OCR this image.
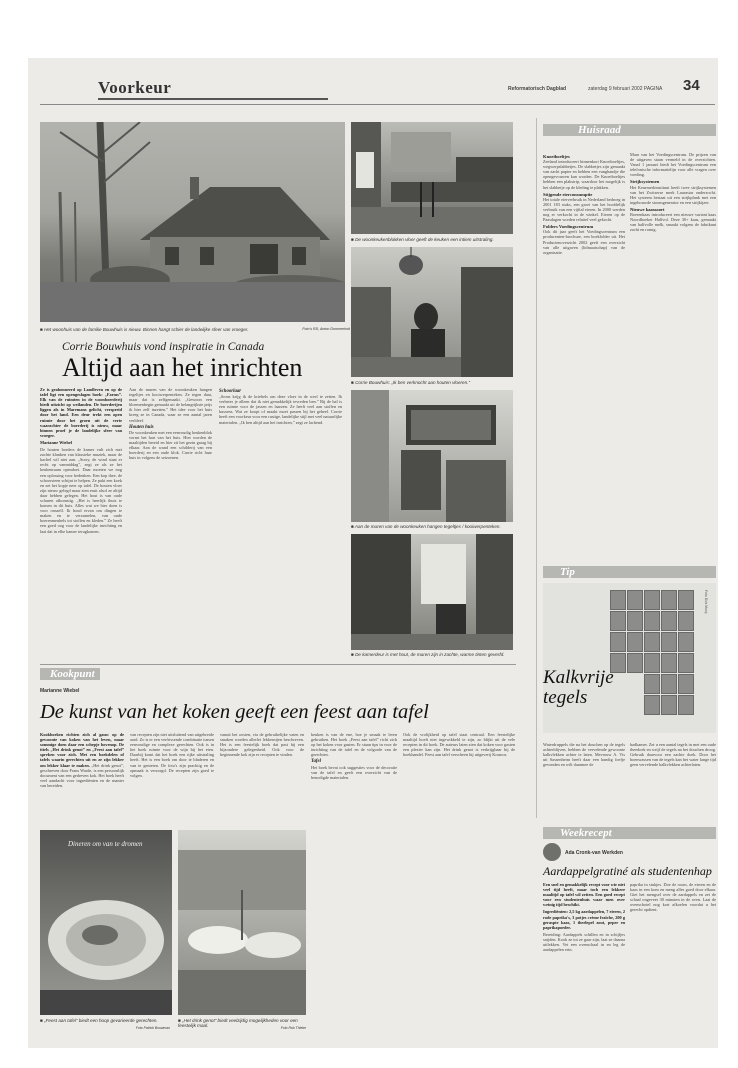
Voorkeur	Reformatorisch Dagblad	zaterdag 9 februari 2002 PAGINA 34
■ Het woonhuis van de familie Bouwhuis is nieuw. Binnen hangt schier de landelijke sfeer van vroeger.	Foto's RD, Anton Dommerholt
Corrie Bouwhuis vond inspiratie in Canada
Altijd aan het inrichten
Ze is geabonneerd op Landleven en op de tafel ligt een opengeslagen boek: „Farms”. Elk van de ruimten in de woonboerderij biedt uitzicht op weilanden. De boerderijen liggen als in Maremans gelicht, verspreid door het land. Een deur trekt een open ruimte door het groen uit de verte waarachter de boerderij is nieuw, maar binnen proef je de landelijke sfeer van vroeger.
Marianne Wiebel
De houten borders de kamer vult zich met zachte klanken van klassieke muziek, maar de kachel wil niet aan. „Sorry, de wind staat er recht op vanmiddag”, zegt ze als ze het keukenraam opendoet. Daar moeten we nog een oplossing voor bedenken. Een kop thee, de schoorsteen schijnt te helpen. Ze pakt een koek en zet het kopje neer op tafel. De houten vloer zijn nieuw gelegd maar zien eruit alsof ze altijd daar hebben gelegen. Het hout is van oude schuren afkomstig. „Het is heerlijk thuis te komen in dit huis. Alles wat we hier doen is voor onszelf. Ik houd ervan om dingen te maken en te verzamelen, van oude boerenmeubels tot stoffen en kleden.” Ze heeft een goed oog voor de landelijke inrichting en laat dat in elke kamer terugkomen.
Aan de muren van de woonkeuken hangen tegeltjes en kooiwerpenteken. Ze tegen daar, maar dat is zelfgemaakt. „Gewoon een bloemenbegin gemaakt uit de belangrijkste prijs ik hier zelf inzetten.” Het idee voor het huis kreeg ze in Canada, waar ze een aantal jaren verbleef.
Houten huis
De woonkeuken met een eenvoudig keukenblok vormt het hart van het huis. Hier worden de maaltijden bereid en hier zit het gezin graag bij elkaar. Aan de wand een schilderij van een boerderij en een oude klok. Carrie richt haar huis in volgens de seizoenen.
Schoorlaar
„Soms krijg ik de kriebels om deze vloer in de werf te zetten. Ik verbeter je alleen dat ik niet gemakkelijk tevreden ben.” Bij de hal is een ruimte voor de jassen en laarzen. Ze heeft veel aan stoffen en kussens. Wat ze koopt of maakt moet passen bij het geheel. Corrie heeft een voorkeur voor een rustige, landelijke stijl met veel natuurlijke materialen. „Ik ben altijd aan het inrichten,” zegt ze lachend.
■ De woonkeukenblokken vloer geeft de keuken een intiem uitstraling.
■ Corrie Bouwhuis: „Ik ben verknocht aan houten vloeren.”
■ Aan de muren van de woonkeuken hangen tegeltjes / kooiwerpenteken.
■ De kamerdeur is met hout, de muren zijn in zachte, warme tinten geverfd.
Huisraad
Knoeiboeltjes
Zeeland introduceert binnenkort Knoeiboeltjes, wegwerpslabbetjes. De slabbetjes zijn gemaakt van zacht papier en hebben een vanghandje die opengevouwen kan worden. De Knoeiboeltjes hebben een plakstrip, waardoor het mogelijk is het slabbetje op de kleding te plakken.
Stijgende eierconsumptie
Het totale eierverbruik in Nederland bedroeg in 2001 183 stuks, een groei van het hoofdelijk verbruik van een vijftal eieren. In 2000 werden nog er verkocht in de winkel. Eieren op de Paasdagen worden relatief veel gekocht.
Folders Voedingscentrum
Ook dit jaar geeft het Voedingscentrum een producenten-brochure, een boekfolder uit. Het Productenoverzicht 2002 geeft een overzicht van alle uitgaven (lidmaatschap) van de organisatie.
Maar van het Voedingscentrum. De prijzen van de uitgaven staan vermeld in de overzichten. Vanaf 1 januari biedt het Voedingscentrum een telefonische informatielijn voor alle vragen over voeding.
Strijksystemen
Het Keurmerkinstituut heeft twee strijksystemen van het Zwitserse merk Laurastar onderzocht. Het systeem bestaat uit een strijkplank met een ingebouwde stoomgenerator en een strijkijzer.
Nieuwe kaassoort
Boerenkaas introduceert een nieuwe variant kaas Noordhoeker Halfvol. Deze 30+ kaas, gemaakt van halfvolle melk, smaakt volgens de fabrikant zacht en romig.
Tip
Foto Dick Mooij
Kalkvrije
tegels
Waterdruppels die na het douchen op de tegels achterblijven, hebben de vervelende gewoonte kalkvlekken achter te laten. Mevrouw A. Vis uit Sassenheim heeft daar een handig foefje gevonden en wilt daarmee de
badkamer. Zet u een aantal tegels in met een oude theedoek en wrijf de tegels na het douchen droog. Gebruik daarvoor een zachte doek. Door het boenwassen van de tegels kan het water lange tijd geen vervelende kalkvlekken achterlaten.
Kookpunt
Marianne Wiebel
De kunst van het koken geeft een feest aan tafel
Kookboeken richten zich al gauw op de gewoonte van koken van het leven, maar sommige doen daar een schepje bovenop. De titels „Het drink genot” en „Feest aan tafel” spreken voor zich. Met een boekdelen of tafels waarin gerechten uit en ze zijn lekker om lekker klaar te maken. „Het drink genot”, geschreven door Frans Warde, is een persoonlijk document van een gedreven kok. Het boek heeft veel aandacht voor ingrediënten en de manier van bereiden.
van recepten zijn niet uitsluitend van uitgebreide aard. Zo is er een verfrissende combinatie tussen eenvoudige en complexe gerechten. Ook is in het boek ruimte voor de wijn bij het eten. Daarbij komt dat het boek een rijke uitstraling heeft. Het is een boek om door te bladeren en van te genieten. De foto's zijn prachtig en de opmaak is verzorgd. De recepten zijn goed te volgen.
vanuit het oosten, via de gebruikelijke vaten en smaken worden allerlei lekkernijen beschreven. Het is een feestelijk boek dat past bij een bijzondere gelegenheid. Ook voor de beginnende kok zijn er recepten te vinden.
keuken is van de ene, hoe je smaak te leren gebruiken. Het boek „Feest aan tafel” richt zich op het koken voor gasten. Er staan tips in voor de inrichting van de tafel en de volgorde van de gerechten.
Tafel
Het boek bevat ook suggesties voor de decoratie van de tafel en geeft een overzicht van de benodigde materialen.
Ook de vrolijkheid op tafel staat centraal. Een feestelijke maaltijd hoeft niet ingewikkeld te zijn, zo blijkt uit de vele recepten in dit boek. De auteurs laten zien dat koken voor gasten een plezier kan zijn. Het drink genot is verkrijgbaar bij de boekhandel. Feest aan tafel verscheen bij uitgeverij Kosmos.
Dineren om van te dromen
■ „Feest aan tafel” biedt een hoop gevarieerde gerechten.
Foto Patrick Bouwman
■ „Het drink genot” biedt veelzijdig mogelijkheden voor een feestelijk maal.	Foto Rob Thiebe
Weekrecept
Ada Cronk-van Werkden
Aardappelgratiné als studentenhap
Een snel en gemakkelijk recept voor wie niet veel tijd heeft, maar toch een lekkere maaltijd op tafel wil zetten. Een goed recept voor een studentenhuis waar men over weinig tijd beschikt.
Ingrediënten: 2,5 kg aardappelen, 7 eieren, 2 rode paprika's, 3 potjes crème fraîche, 200 g geraspte kaas, 1 theelepel zout, peper en paprikapoeder.
Bereiding: Aardappels schillen en in schijfjes snijden. Kook ze tot ze gaar zijn, laat ze daarna uitlekken. Vet een ovenschaal in en leg de aardappelen erin.
paprika in stukjes. Doe de room, de eieren en de kaas in een kom en meng alles goed door elkaar. Giet het mengsel over de aardappels en zet de schaal ongeveer 30 minuten in de oven. Laat de ovenschotel nog kort afkoelen voordat u het gerecht opdient.
